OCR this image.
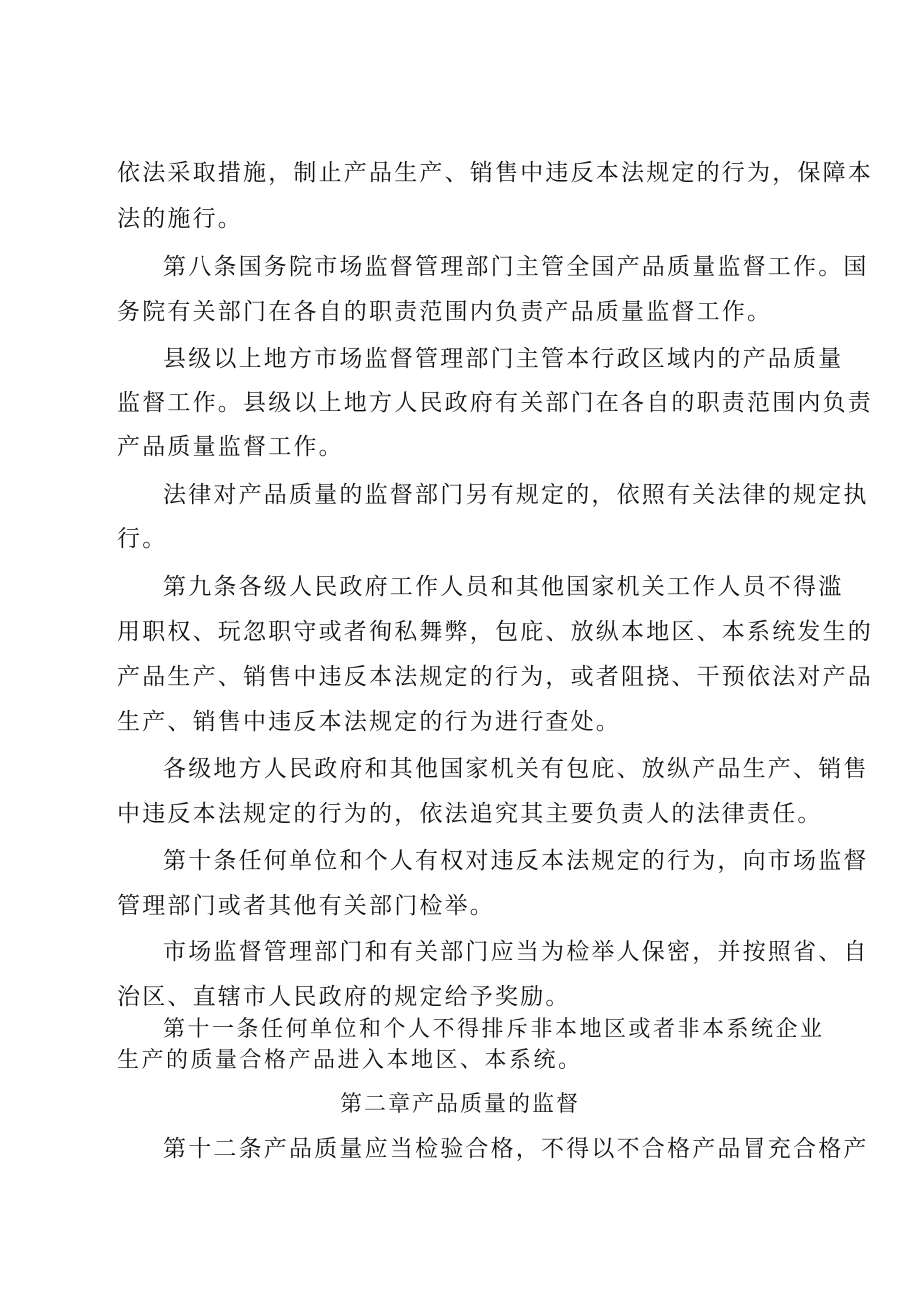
依法采取措施，制止产品生产、销售中违反本法规定的行为，保障本
法的施行。
第八条国务院市场监督管理部门主管全国产品质量监督工作。国
务院有关部门在各自的职责范围内负责产品质量监督工作。
县级以上地方市场监督管理部门主管本行政区域内的产品质量
监督工作。县级以上地方人民政府有关部门在各自的职责范围内负责
产品质量监督工作。
法律对产品质量的监督部门另有规定的，依照有关法律的规定执
行。
第九条各级人民政府工作人员和其他国家机关工作人员不得滥
用职权、玩忽职守或者徇私舞弊，包庇、放纵本地区、本系统发生的
产品生产、销售中违反本法规定的行为，或者阻挠、干预依法对产品
生产、销售中违反本法规定的行为进行查处。
各级地方人民政府和其他国家机关有包庇、放纵产品生产、销售
中违反本法规定的行为的，依法追究其主要负责人的法律责任。
第十条任何单位和个人有权对违反本法规定的行为，向市场监督
管理部门或者其他有关部门检举。
市场监督管理部门和有关部门应当为检举人保密，并按照省、自
治区、直辖市人民政府的规定给予奖励。
第十一条任何单位和个人不得排斥非本地区或者非本系统企业
生产的质量合格产品进入本地区、本系统。
第二章产品质量的监督
第十二条产品质量应当检验合格，不得以不合格产品冒充合格产
